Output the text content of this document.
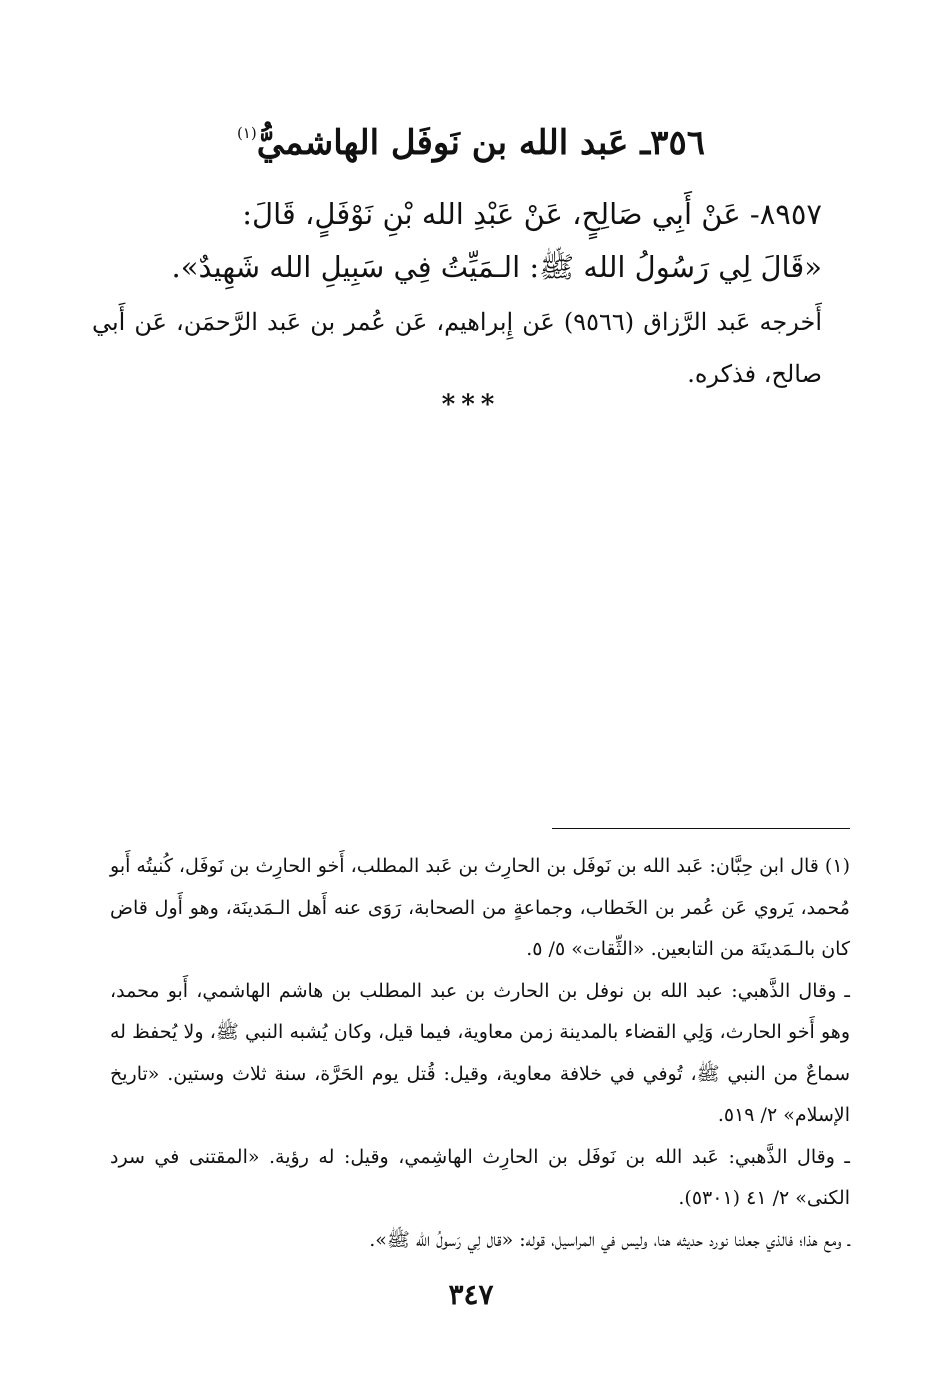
٣٥٦ـ عَبد الله بن نَوفَل الهاشميُّ$^{(١)}$

٨٩٥٧- عَنْ أَبِي صَالِحٍ، عَنْ عَبْدِ الله بْنِ نَوْفَلٍ، قَالَ:

«قَالَ لِي رَسُولُ الله ﷺ: الـمَيِّتُ فِي سَبِيلِ الله شَهِيدٌ».

أَخرجه عَبد الرَّزاق (٩٥٦٦) عَن إِبراهيم، عَن عُمر بن عَبد الرَّحمَن، عَن أَبي صالح، فذكره.
***

(١) قال ابن حِبَّان: عَبد الله بن نَوفَل بن الحارِث بن عَبد المطلب، أَخو الحارِث بن نَوفَل، كُنيتُه أَبو مُحمد، يَروي عَن عُمر بن الخَطاب، وجماعةٍ من الصحابة، رَوَى عنه أَهل الـمَدينَة، وهو أَول قاض كان بالـمَدينَة من التابعين. «الثِّقات» ٥/ ٥.

ـ وقال الذَّهبي: عبد الله بن نوفل بن الحارث بن عبد المطلب بن هاشم الهاشمي، أَبو محمد، وهو أَخو الحارث، وَلِي القضاء بالمدينة زمن معاوية، فيما قيل، وكان يُشبه النبي ﷺ، ولا يُحفظ له سماعٌ من النبي ﷺ، تُوفي في خلافة معاوية، وقيل: قُتل يوم الحَرَّة، سنة ثلاث وستين. «تاريخ الإسلام» ٢/ ٥١٩.

ـ وقال الذَّهبي: عَبد الله بن نَوفَل بن الحارِث الهاشِمي، وقيل: له رؤية. «المقتنى في سرد الكنى» ٢/ ٤١ (٥٣٠١).

ـ ومع هذا؛ فالذي جعلنا نورد حديثه هنا، وليس في المراسيل، قوله: «قال لِي رَسولُ الله ﷺ».

٣٤٧
